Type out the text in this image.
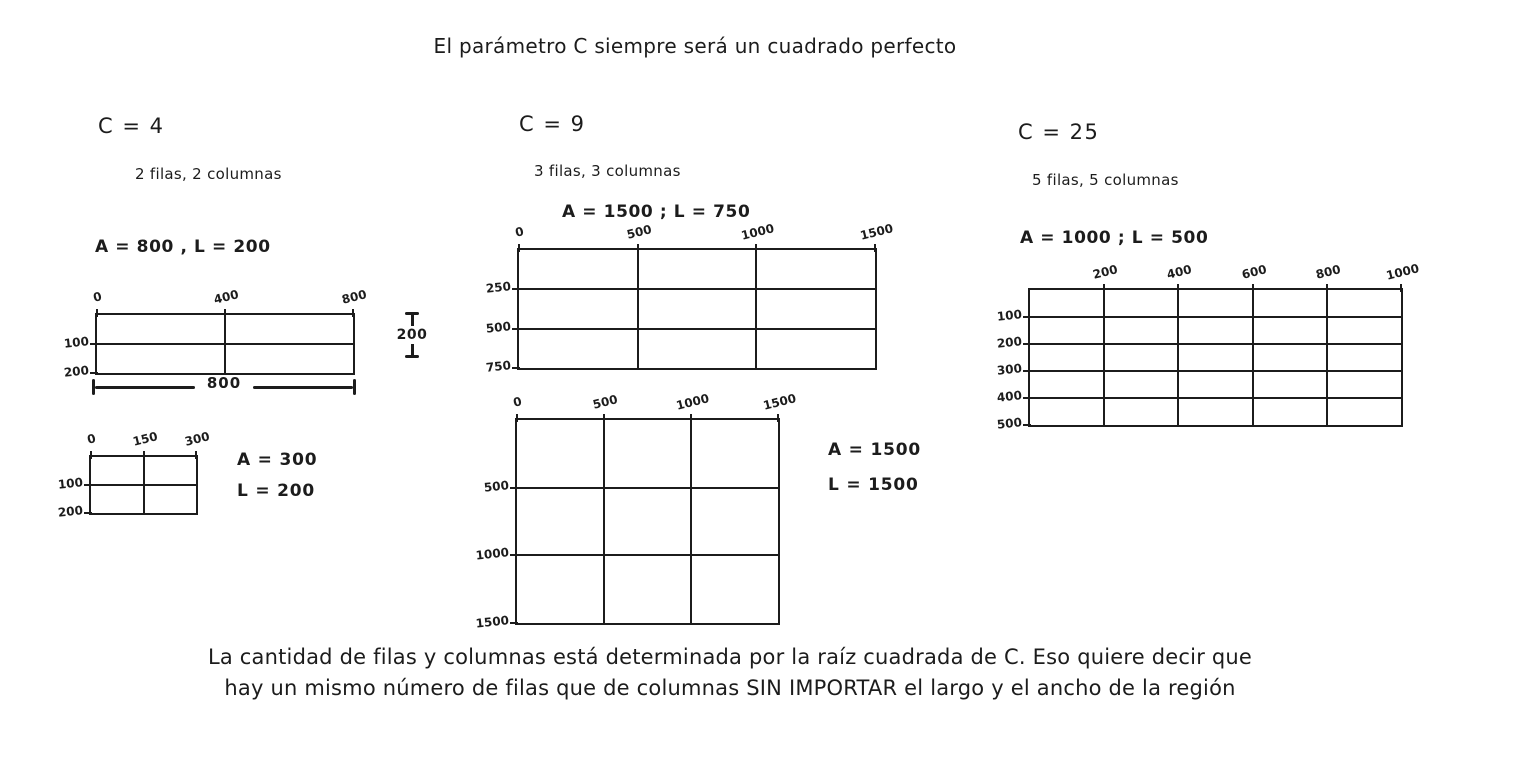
El parámetro C siempre será un cuadrado perfecto
C = 4
2 filas, 2 columnas
A = 800 , L = 200
0	400	800
100
200
200
800
0	150 300
100
200
A = 300
L = 200
C = 9
3 filas, 3 columnas
A = 1500 ; L = 750
0	500	1000	1500
250
500
750
0	500	1000	1500
500
1000
1500
A = 1500
L = 1500
C = 25
5 filas, 5 columnas
A = 1000 ; L = 500
200	400	600	800	1000
100
200
300
400
500
La cantidad de filas y columnas está determinada por la raíz cuadrada de C. Eso quiere decir que
hay un mismo número de filas que de columnas SIN IMPORTAR el largo y el ancho de la región
